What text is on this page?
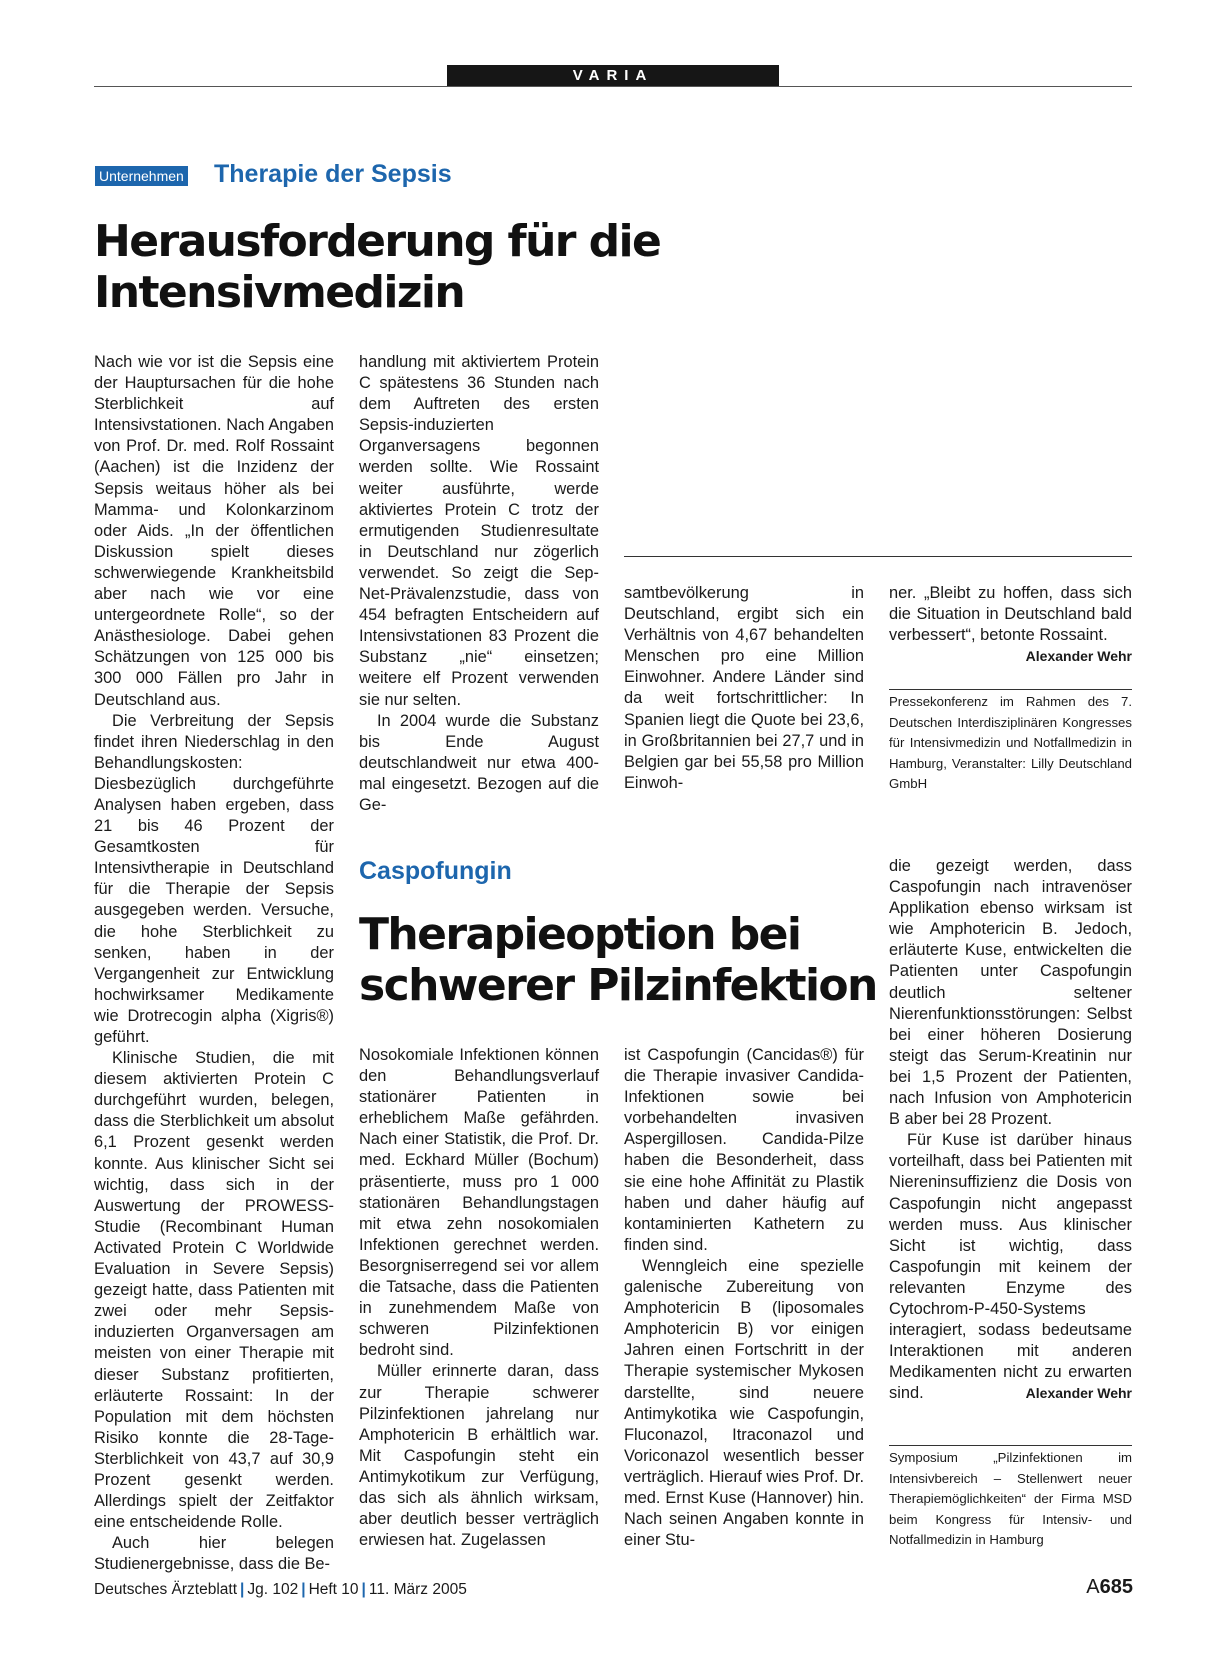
VARIA
Unternehmen Therapie der Sepsis
Herausforderung für die
Intensivmedizin

Nach wie vor ist die Sepsis eine der Hauptursachen für die hohe Sterblichkeit auf Intensivstationen. Nach Angaben von Prof. Dr. med. Rolf Rossaint (Aachen) ist die Inzidenz der Sepsis weitaus höher als bei Mamma- und Kolonkarzinom oder Aids. „In der öffentlichen Diskussion spielt dieses schwerwiegende Krankheitsbild aber nach wie vor eine untergeordnete Rolle“, so der Anästhesiologe. Dabei gehen Schätzungen von 125 000 bis 300 000 Fällen pro Jahr in Deutschland aus.

Die Verbreitung der Sepsis findet ihren Niederschlag in den Behandlungskosten: Diesbezüglich durchgeführte Analysen haben ergeben, dass 21 bis 46 Prozent der Gesamtkosten für Intensivtherapie in Deutschland für die Therapie der Sepsis ausgegeben werden. Versuche, die hohe Sterblichkeit zu senken, haben in der Vergangenheit zur Entwicklung hochwirksamer Medikamente wie Drotrecogin alpha (Xigris®) geführt.

Klinische Studien, die mit diesem aktivierten Protein C durchgeführt wurden, belegen, dass die Sterblichkeit um absolut 6,1 Prozent gesenkt werden konnte. Aus klinischer Sicht sei wichtig, dass sich in der Auswertung der PROWESS-Studie (Recombinant Human Activated Protein C Worldwide Evaluation in Severe Sepsis) gezeigt hatte, dass Patienten mit zwei oder mehr Sepsis-induzierten Organversagen am meisten von einer Therapie mit dieser Substanz profitierten, erläuterte Rossaint: In der Population mit dem höchsten Risiko konnte die 28-Tage-Sterblichkeit von 43,7 auf 30,9 Prozent gesenkt werden. Allerdings spielt der Zeitfaktor eine entscheidende Rolle.

Auch hier belegen Studienergebnisse, dass die Be-

handlung mit aktiviertem Protein C spätestens 36 Stunden nach dem Auftreten des ersten Sepsis-induzierten Organversagens begonnen werden sollte. Wie Rossaint weiter ausführte, werde aktiviertes Protein C trotz der ermutigenden Studienresultate in Deutschland nur zögerlich verwendet. So zeigt die Sep-Net-Prävalenzstudie, dass von 454 befragten Entscheidern auf Intensivstationen 83 Prozent die Substanz „nie“ einsetzen; weitere elf Prozent verwenden sie nur selten.

In 2004 wurde die Substanz bis Ende August deutschlandweit nur etwa 400-mal eingesetzt. Bezogen auf die Ge-

samtbevölkerung in Deutschland, ergibt sich ein Verhältnis von 4,67 behandelten Menschen pro eine Million Einwohner. Andere Länder sind da weit fortschrittlicher: In Spanien liegt die Quote bei 23,6, in Großbritannien bei 27,7 und in Belgien gar bei 55,58 pro Million Einwoh-

ner. „Bleibt zu hoffen, dass sich die Situation in Deutschland bald verbessert“, betonte Rossaint.
Alexander Wehr

Pressekonferenz im Rahmen des 7. Deutschen Interdisziplinären Kongresses für Intensivmedizin und Notfallmedizin in Hamburg, Veranstalter: Lilly Deutschland GmbH
Caspofungin
Therapieoption bei
schwerer Pilzinfektion

Nosokomiale Infektionen können den Behandlungsverlauf stationärer Patienten in erheblichem Maße gefährden. Nach einer Statistik, die Prof. Dr. med. Eckhard Müller (Bochum) präsentierte, muss pro 1 000 stationären Behandlungstagen mit etwa zehn nosokomialen Infektionen gerechnet werden. Besorgniserregend sei vor allem die Tatsache, dass die Patienten in zunehmendem Maße von schweren Pilzinfektionen bedroht sind.

Müller erinnerte daran, dass zur Therapie schwerer Pilzinfektionen jahrelang nur Amphotericin B erhältlich war. Mit Caspofungin steht ein Antimykotikum zur Verfügung, das sich als ähnlich wirksam, aber deutlich besser verträglich erwiesen hat. Zugelassen

ist Caspofungin (Cancidas®) für die Therapie invasiver Candida-Infektionen sowie bei vorbehandelten invasiven Aspergillosen. Candida-Pilze haben die Besonderheit, dass sie eine hohe Affinität zu Plastik haben und daher häufig auf kontaminierten Kathetern zu finden sind.

Wenngleich eine spezielle galenische Zubereitung von Amphotericin B (liposomales Amphotericin B) vor einigen Jahren einen Fortschritt in der Therapie systemischer Mykosen darstellte, sind neuere Antimykotika wie Caspofungin, Fluconazol, Itraconazol und Voriconazol wesentlich besser verträglich. Hierauf wies Prof. Dr. med. Ernst Kuse (Hannover) hin. Nach seinen Angaben konnte in einer Stu-

die gezeigt werden, dass Caspofungin nach intravenöser Applikation ebenso wirksam ist wie Amphotericin B. Jedoch, erläuterte Kuse, entwickelten die Patienten unter Caspofungin deutlich seltener Nierenfunktionsstörungen: Selbst bei einer höheren Dosierung steigt das Serum-Kreatinin nur bei 1,5 Prozent der Patienten, nach Infusion von Amphotericin B aber bei 28 Prozent.

Für Kuse ist darüber hinaus vorteilhaft, dass bei Patienten mit Niereninsuffizienz die Dosis von Caspofungin nicht angepasst werden muss. Aus klinischer Sicht ist wichtig, dass Caspofungin mit keinem der relevanten Enzyme des Cytochrom-P-450-Systems interagiert, sodass bedeutsame Interaktionen mit anderen Medikamenten nicht zu erwarten sind.	Alexander Wehr

Symposium „Pilzinfektionen im Intensivbereich – Stellenwert neuer Therapiemöglichkeiten“ der Firma MSD beim Kongress für Intensiv- und Notfallmedizin in Hamburg
Deutsches Ärzteblatt | Jg. 102 | Heft 10 | 11. März 2005	A685
